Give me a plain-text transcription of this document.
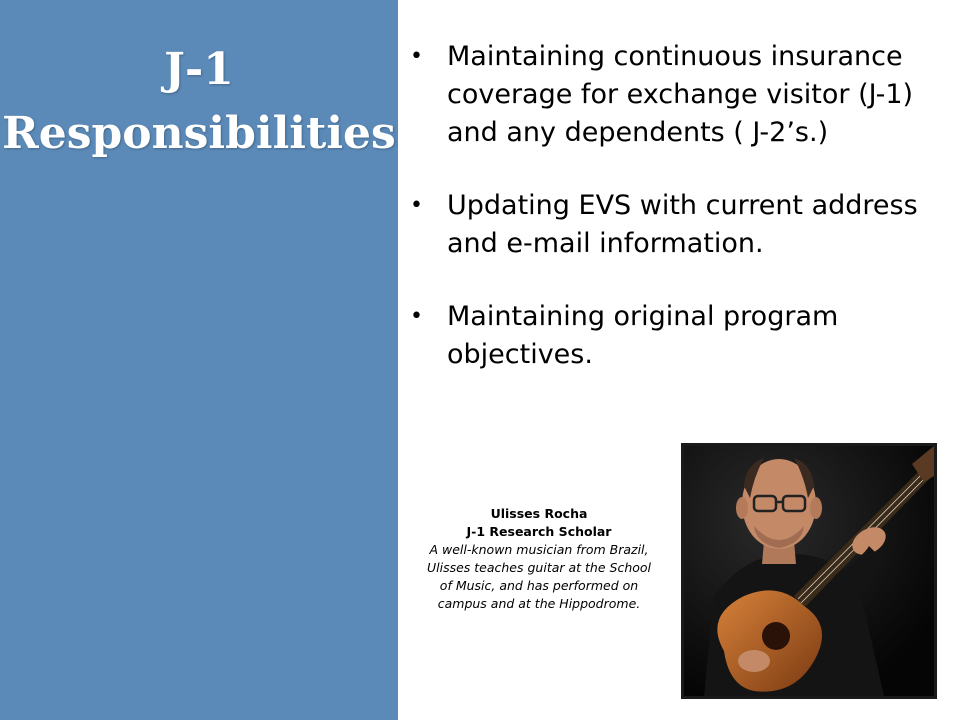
J-1
Responsibilities
• Maintaining continuous insurance coverage for exchange visitor (J-1) and any dependents ( J-2’s.)
• Updating EVS with current address and e-mail information.
• Maintaining original program objectives.
Ulisses Rocha
J-1 Research Scholar
A well-known musician from Brazil, Ulisses teaches guitar at the School of Music, and has performed on campus and at the Hippodrome.
